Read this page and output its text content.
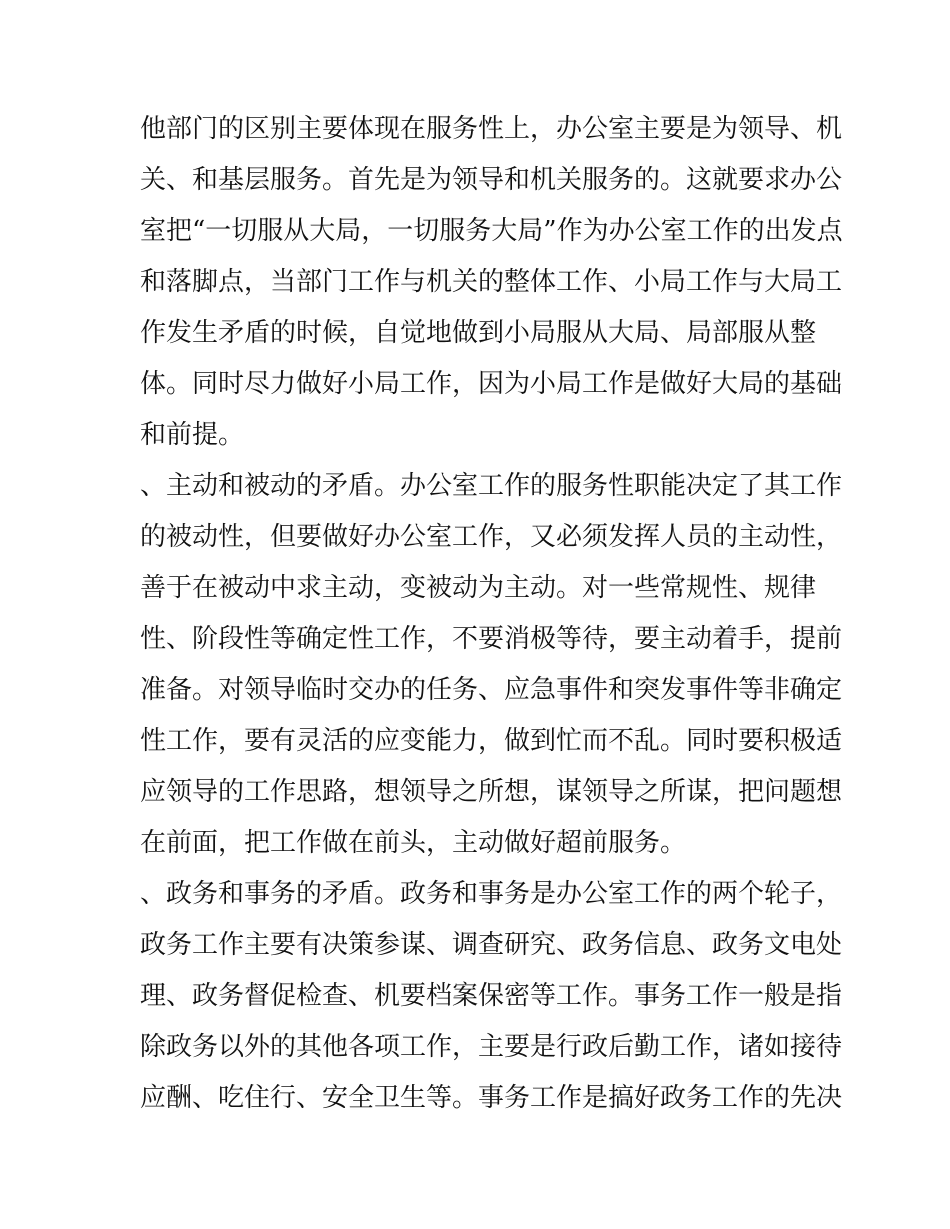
他部门的区别主要体现在服务性上，办公室主要是为领导、机
关、和基层服务。首先是为领导和机关服务的。这就要求办公
室把“一切服从大局，一切服务大局”作为办公室工作的出发点
和落脚点，当部门工作与机关的整体工作、小局工作与大局工
作发生矛盾的时候，自觉地做到小局服从大局、局部服从整
体。同时尽力做好小局工作，因为小局工作是做好大局的基础
和前提。
、主动和被动的矛盾。办公室工作的服务性职能决定了其工作
的被动性，但要做好办公室工作，又必须发挥人员的主动性，
善于在被动中求主动，变被动为主动。对一些常规性、规律
性、阶段性等确定性工作，不要消极等待，要主动着手，提前
准备。对领导临时交办的任务、应急事件和突发事件等非确定
性工作，要有灵活的应变能力，做到忙而不乱。同时要积极适
应领导的工作思路，想领导之所想，谋领导之所谋，把问题想
在前面，把工作做在前头，主动做好超前服务。
、政务和事务的矛盾。政务和事务是办公室工作的两个轮子，
政务工作主要有决策参谋、调查研究、政务信息、政务文电处
理、政务督促检查、机要档案保密等工作。事务工作一般是指
除政务以外的其他各项工作，主要是行政后勤工作，诸如接待
应酬、吃住行、安全卫生等。事务工作是搞好政务工作的先决
